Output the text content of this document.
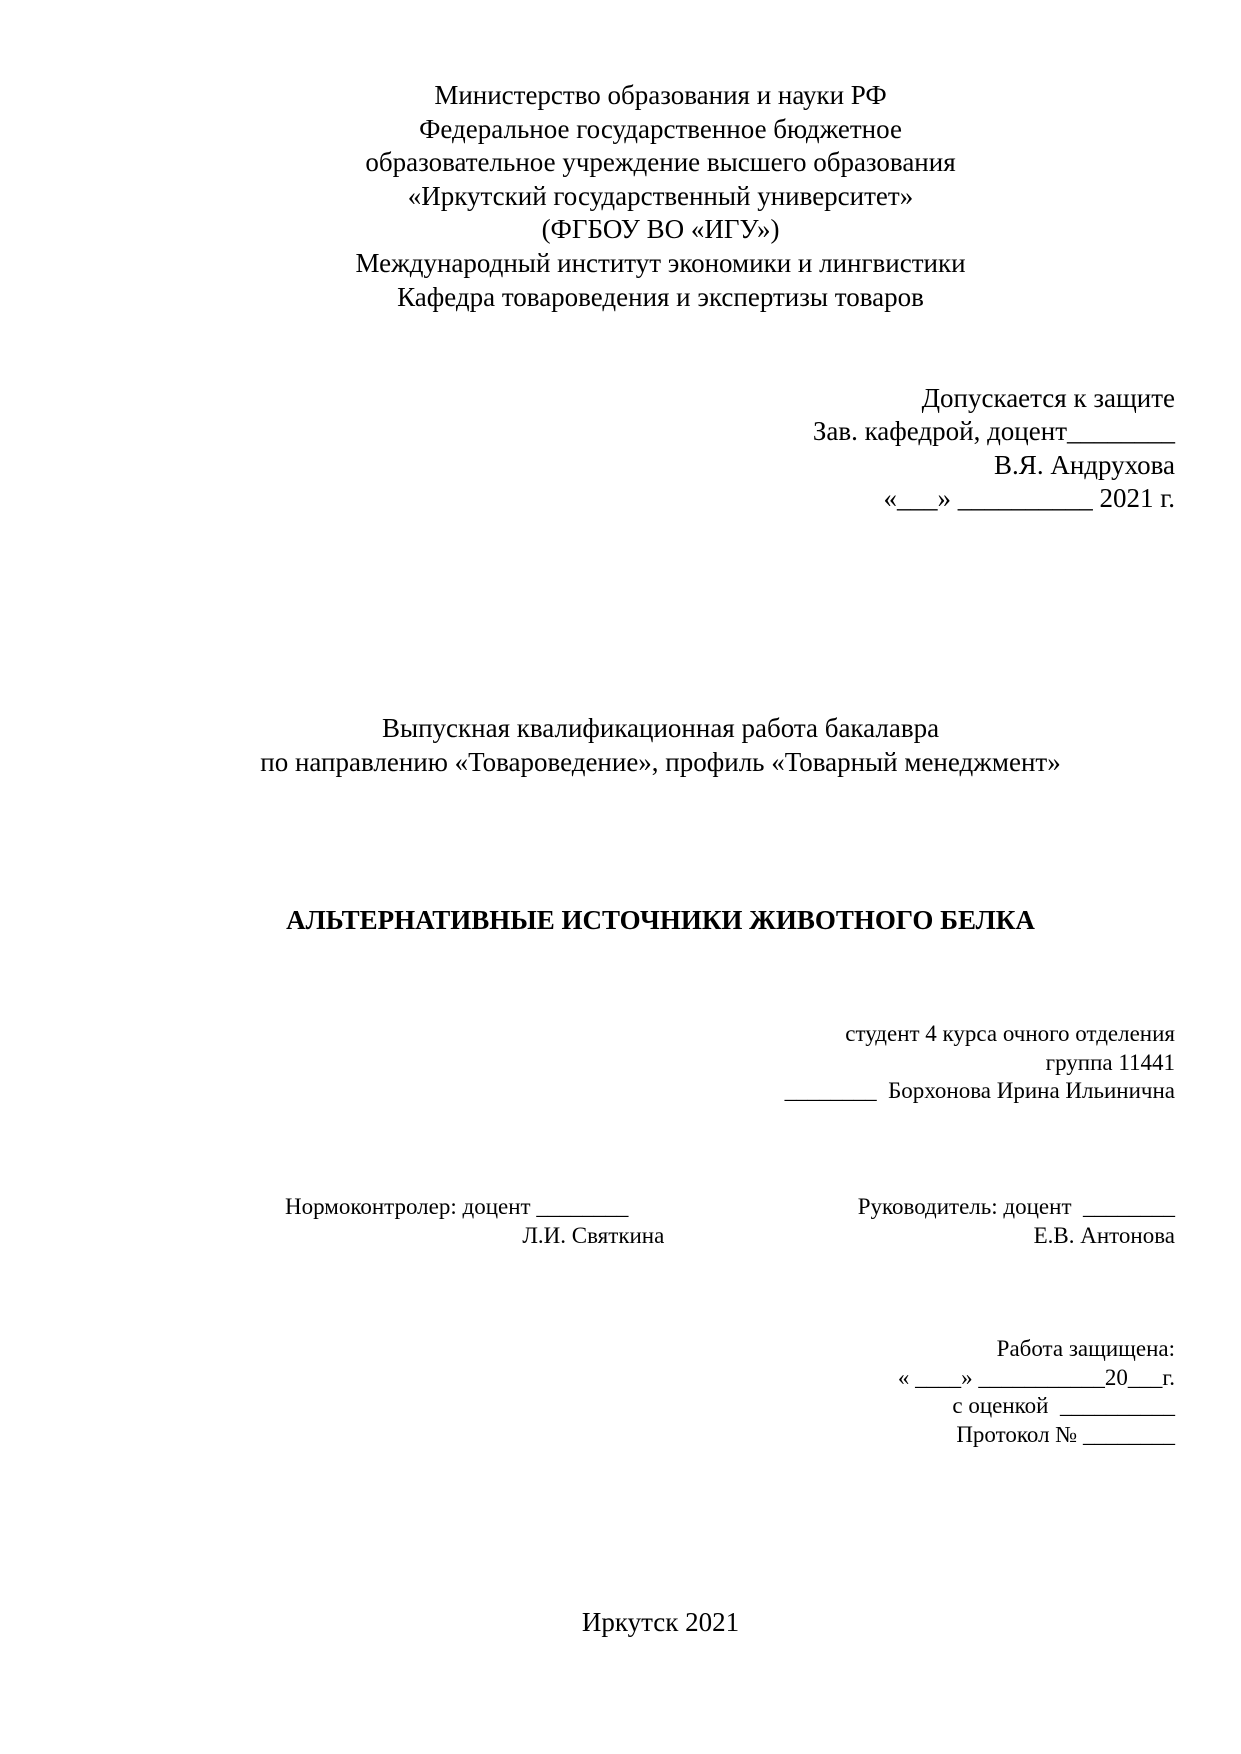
Министерство образования и науки РФ
Федеральное государственное бюджетное
образовательное учреждение высшего образования
«Иркутский государственный университет»
(ФГБОУ ВО «ИГУ»)
Международный институт экономики и лингвистики
Кафедра товароведения и экспертизы товаров
Допускается к защите
Зав. кафедрой, доцент________
В.Я. Андрухова
«___» __________ 2021 г.
Выпускная квалификационная работа бакалавра
по направлению «Товароведение», профиль «Товарный менеджмент»
АЛЬТЕРНАТИВНЫЕ ИСТОЧНИКИ ЖИВОТНОГО БЕЛКА
студент 4 курса очного отделения
группа 11441
________  Борхонова Ирина Ильинична
Нормоконтролер: доцент ________
Л.И. Святкина
Руководитель: доцент  ________
Е.В. Антонова
Работа защищена:
« ____» ___________20___г.
с оценкой  __________
Протокол № ________
Иркутск 2021
